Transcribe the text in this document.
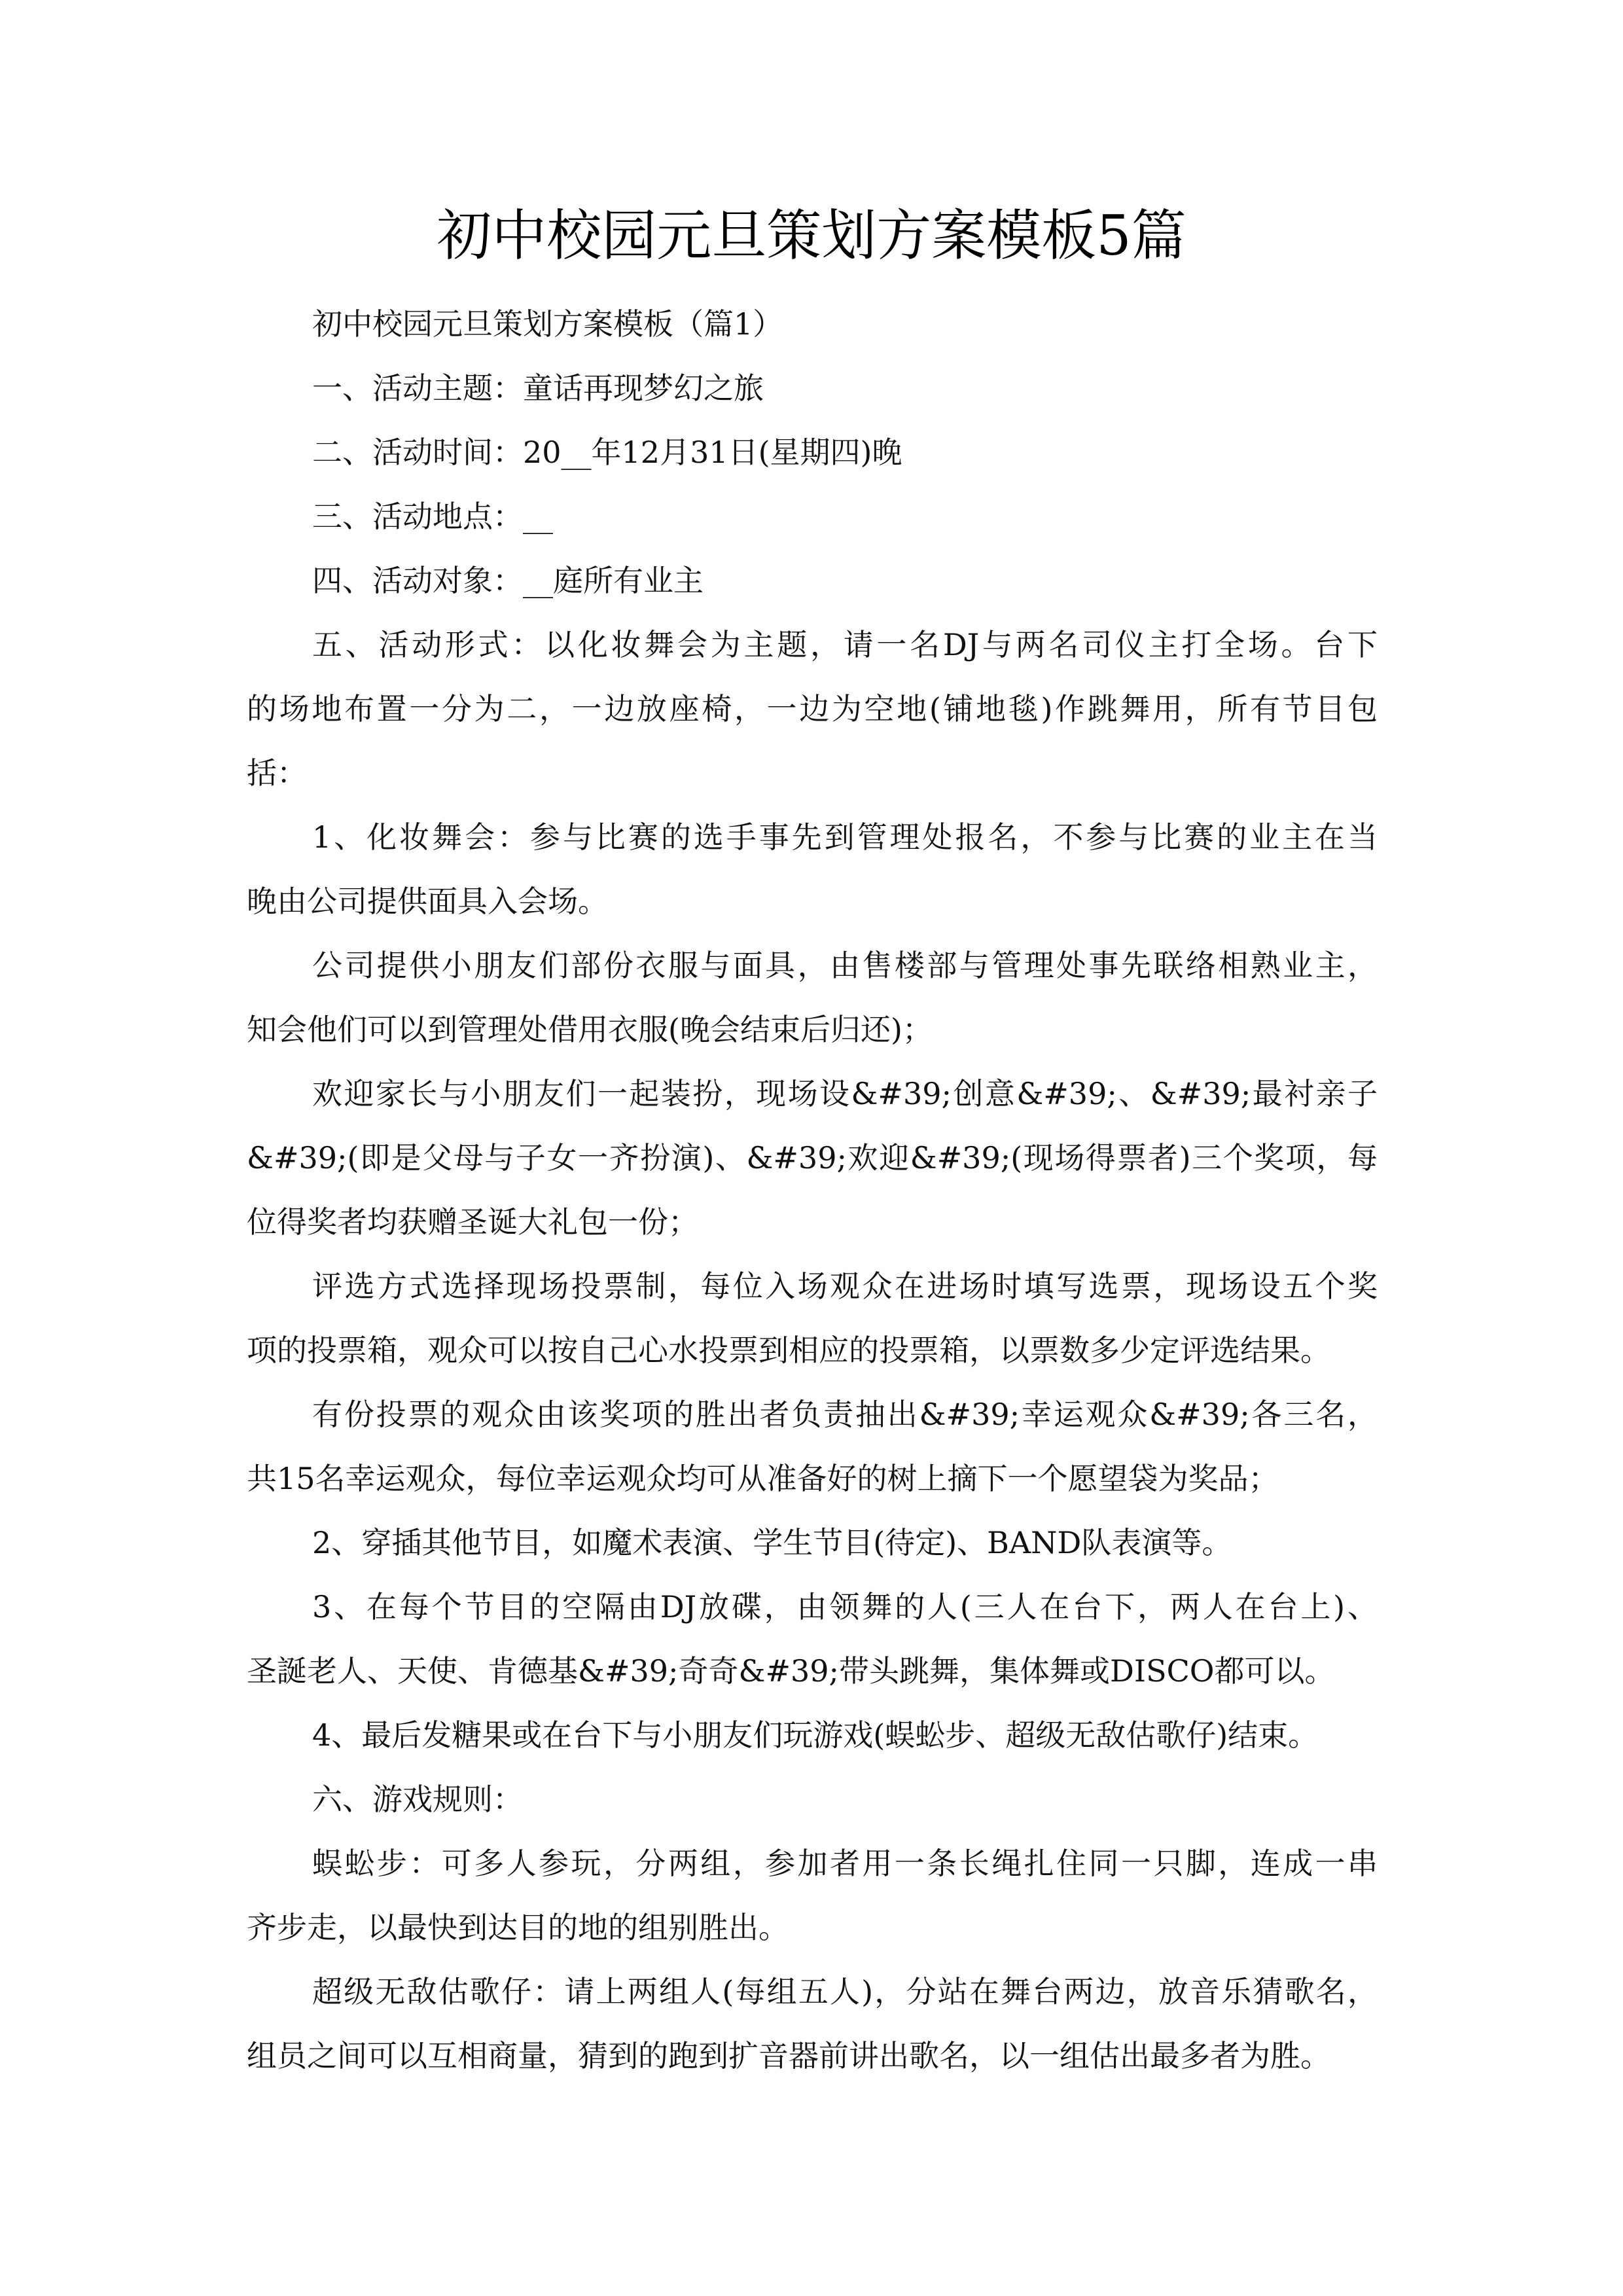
初中校园元旦策划方案模板5篇
初中校园元旦策划方案模板（篇1）
一、活动主题：童话再现梦幻之旅
二、活动时间：20__年12月31日(星期四)晚
三、活动地点：__
四、活动对象：__庭所有业主
五、活动形式：以化妆舞会为主题，请一名DJ与两名司仪主打全场。台下
的场地布置一分为二，一边放座椅，一边为空地(铺地毯)作跳舞用，所有节目包
括：
1、化妆舞会：参与比赛的选手事先到管理处报名，不参与比赛的业主在当
晚由公司提供面具入会场。
公司提供小朋友们部份衣服与面具，由售楼部与管理处事先联络相熟业主，
知会他们可以到管理处借用衣服(晚会结束后归还)；
欢迎家长与小朋友们一起装扮，现场设&#39;创意&#39;、&#39;最衬亲子
&#39;(即是父母与子女一齐扮演)、&#39;欢迎&#39;(现场得票者)三个奖项，每
位得奖者均获赠圣诞大礼包一份；
评选方式选择现场投票制，每位入场观众在进场时填写选票，现场设五个奖
项的投票箱，观众可以按自己心水投票到相应的投票箱，以票数多少定评选结果。
有份投票的观众由该奖项的胜出者负责抽出&#39;幸运观众&#39;各三名，
共15名幸运观众，每位幸运观众均可从准备好的树上摘下一个愿望袋为奖品；
2、穿插其他节目，如魔术表演、学生节目(待定)、BAND队表演等。
3、在每个节目的空隔由DJ放碟，由领舞的人(三人在台下，两人在台上)、
圣誕老人、天使、肯德基&#39;奇奇&#39;带头跳舞，集体舞或DISCO都可以。
4、最后发糖果或在台下与小朋友们玩游戏(蜈蚣步、超级无敌估歌仔)结束。
六、游戏规则：
蜈蚣步：可多人参玩，分两组，参加者用一条长绳扎住同一只脚，连成一串
齐步走，以最快到达目的地的组别胜出。
超级无敌估歌仔：请上两组人(每组五人)，分站在舞台两边，放音乐猜歌名，
组员之间可以互相商量，猜到的跑到扩音器前讲出歌名，以一组估出最多者为胜。
